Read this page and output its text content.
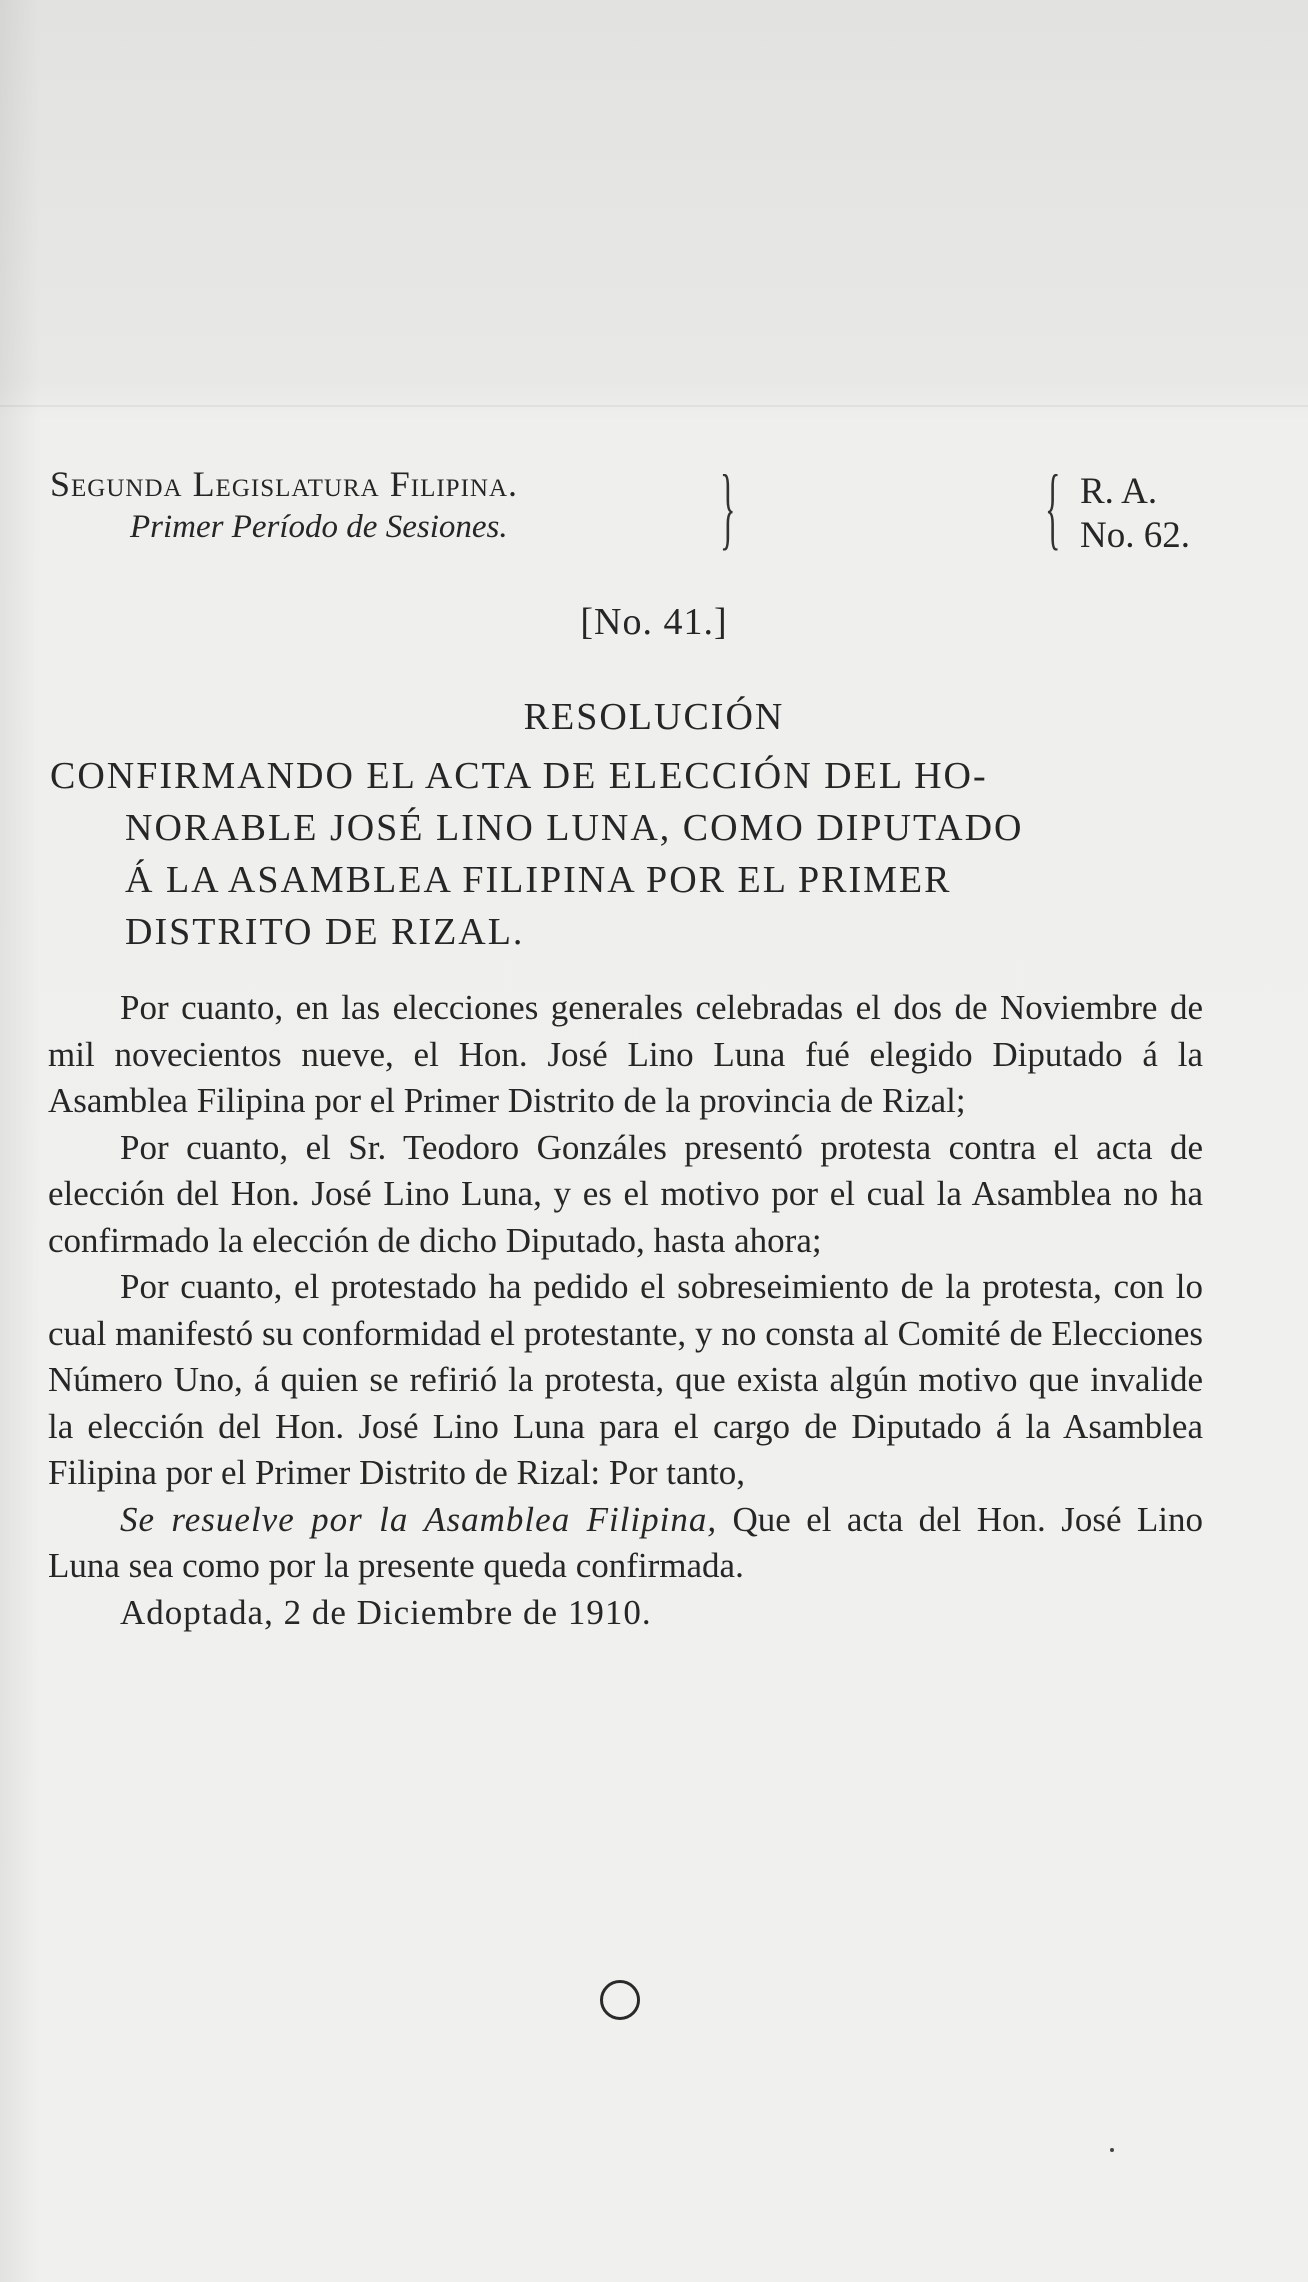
Segunda Legislatura Filipina.
Primer Período de Sesiones.	}	{ R. A.
No. 62.
[No. 41.]
RESOLUCIÓN
CONFIRMANDO EL ACTA DE ELECCIÓN DEL HO-
NORABLE JOSÉ LINO LUNA, COMO DIPUTADO
Á LA ASAMBLEA FILIPINA POR EL PRIMER
DISTRITO DE RIZAL.

Por cuanto, en las elecciones generales celebradas el dos de Noviembre de mil novecientos nueve, el Hon. José Lino Luna fué elegido Diputado á la Asamblea Filipina por el Primer Distrito de la provincia de Rizal;

Por cuanto, el Sr. Teodoro Gonzáles presentó protesta contra el acta de elección del Hon. José Lino Luna, y es el motivo por el cual la Asamblea no ha confirmado la elección de dicho Diputado, hasta ahora;

Por cuanto, el protestado ha pedido el sobreseimiento de la protesta, con lo cual manifestó su conformidad el protestante, y no consta al Comité de Elecciones Número Uno, á quien se refirió la protesta, que exista algún motivo que invalide la elección del Hon. José Lino Luna para el cargo de Diputado á la Asamblea Filipina por el Primer Distrito de Rizal: Por tanto,

Se resuelve por la Asamblea Filipina, Que el acta del Hon. José Lino Luna sea como por la presente queda confirmada.

Adoptada, 2 de Diciembre de 1910.
